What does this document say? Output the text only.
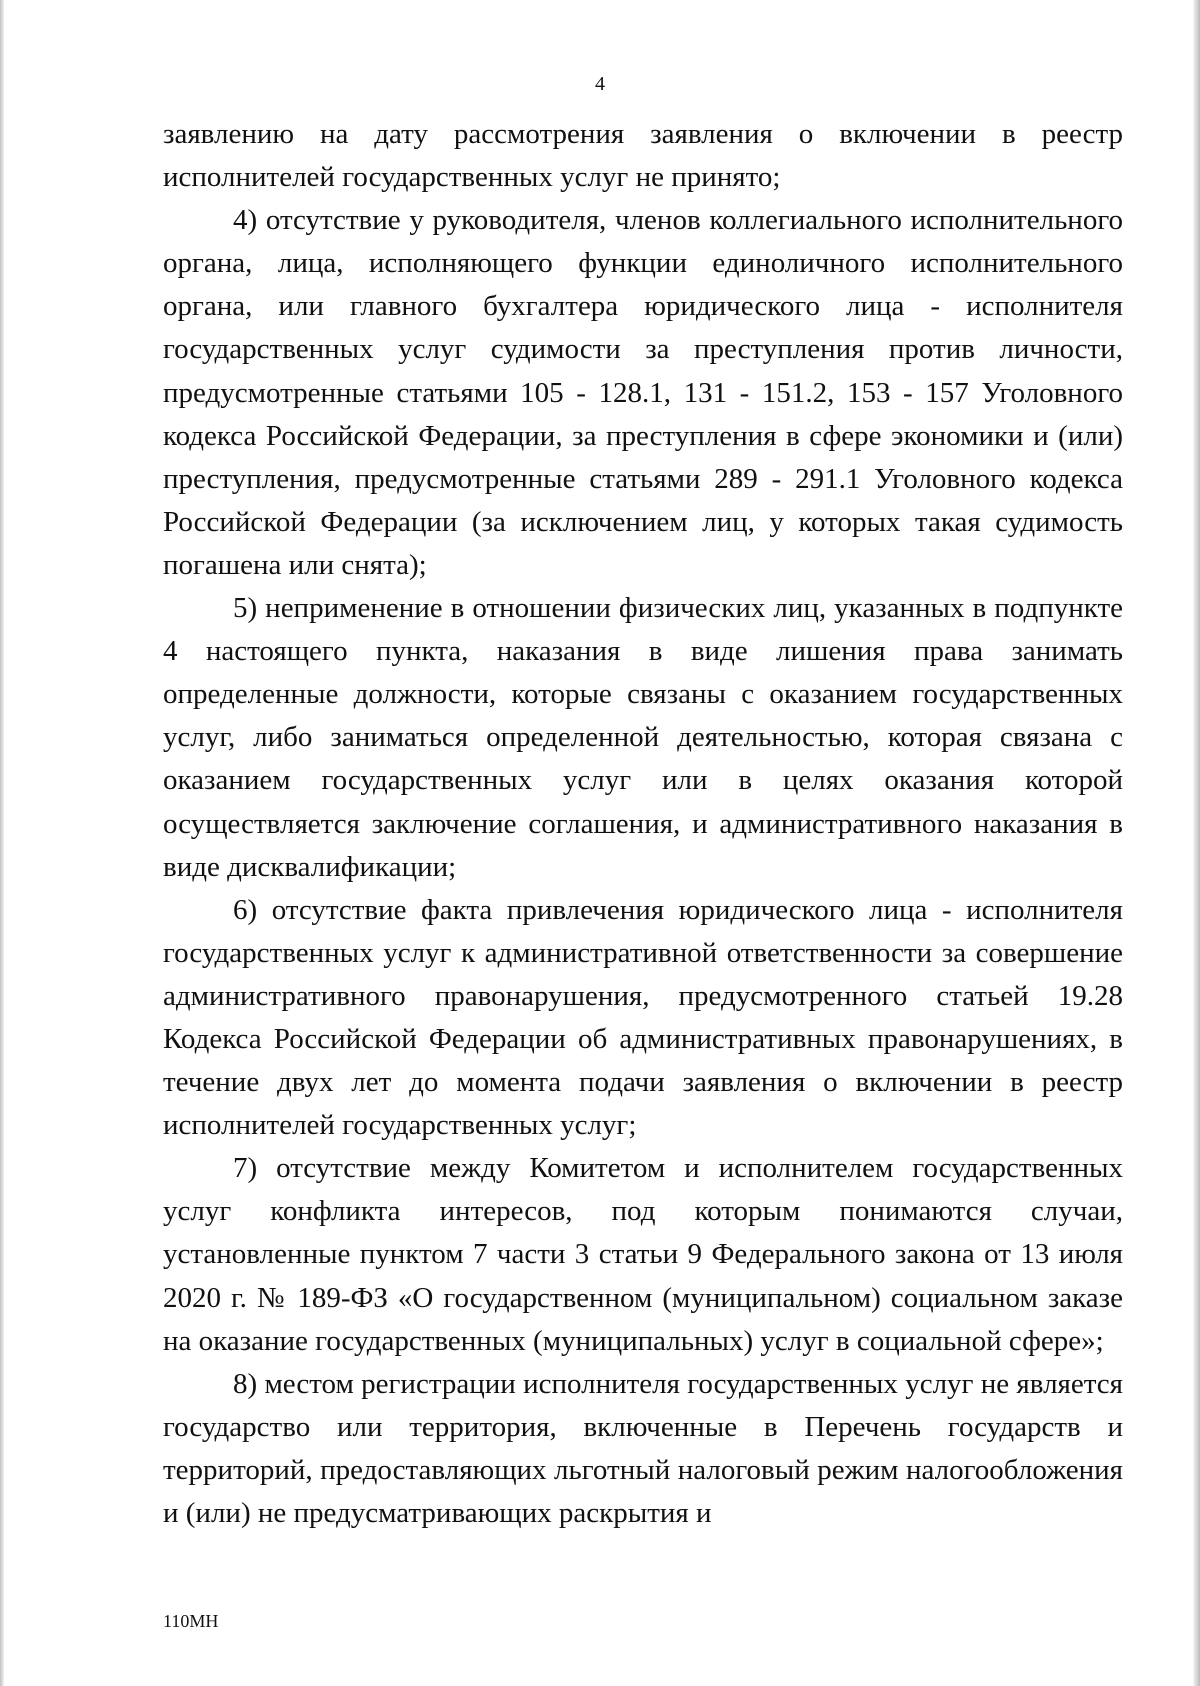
4

заявлению на дату рассмотрения заявления о включении в реестр исполнителей государственных услуг не принято;

4) отсутствие у руководителя, членов коллегиального исполнительного органа, лица, исполняющего функции единоличного исполнительного органа, или главного бухгалтера юридического лица - исполнителя государственных услуг судимости за преступления против личности, предусмотренные статьями 105 - 128.1, 131 - 151.2, 153 - 157 Уголовного кодекса Российской Федерации, за преступления в сфере экономики и (или) преступления, предусмотренные статьями 289 - 291.1 Уголовного кодекса Российской Федерации (за исключением лиц, у которых такая судимость погашена или снята);

5) неприменение в отношении физических лиц, указанных в подпункте 4 настоящего пункта, наказания в виде лишения права занимать определенные должности, которые связаны с оказанием государственных услуг, либо заниматься определенной деятельностью, которая связана с оказанием государственных услуг или в целях оказания которой осуществляется заключение соглашения, и административного наказания в виде дисквалификации;

6) отсутствие факта привлечения юридического лица - исполнителя государственных услуг к административной ответственности за совершение административного правонарушения, предусмотренного статьей 19.28 Кодекса Российской Федерации об административных правонарушениях, в течение двух лет до момента подачи заявления о включении в реестр исполнителей государственных услуг;

7) отсутствие между Комитетом и исполнителем государственных услуг конфликта интересов, под которым понимаются случаи, установленные пунктом 7 части 3 статьи 9 Федерального закона от 13 июля 2020 г. № 189-ФЗ «О государственном (муниципальном) социальном заказе на оказание государственных (муниципальных) услуг в социальной сфере»;

8) местом регистрации исполнителя государственных услуг не является государство или территория, включенные в Перечень государств и территорий, предоставляющих льготный налоговый режим налогообложения и (или) не предусматривающих раскрытия и

110МН
